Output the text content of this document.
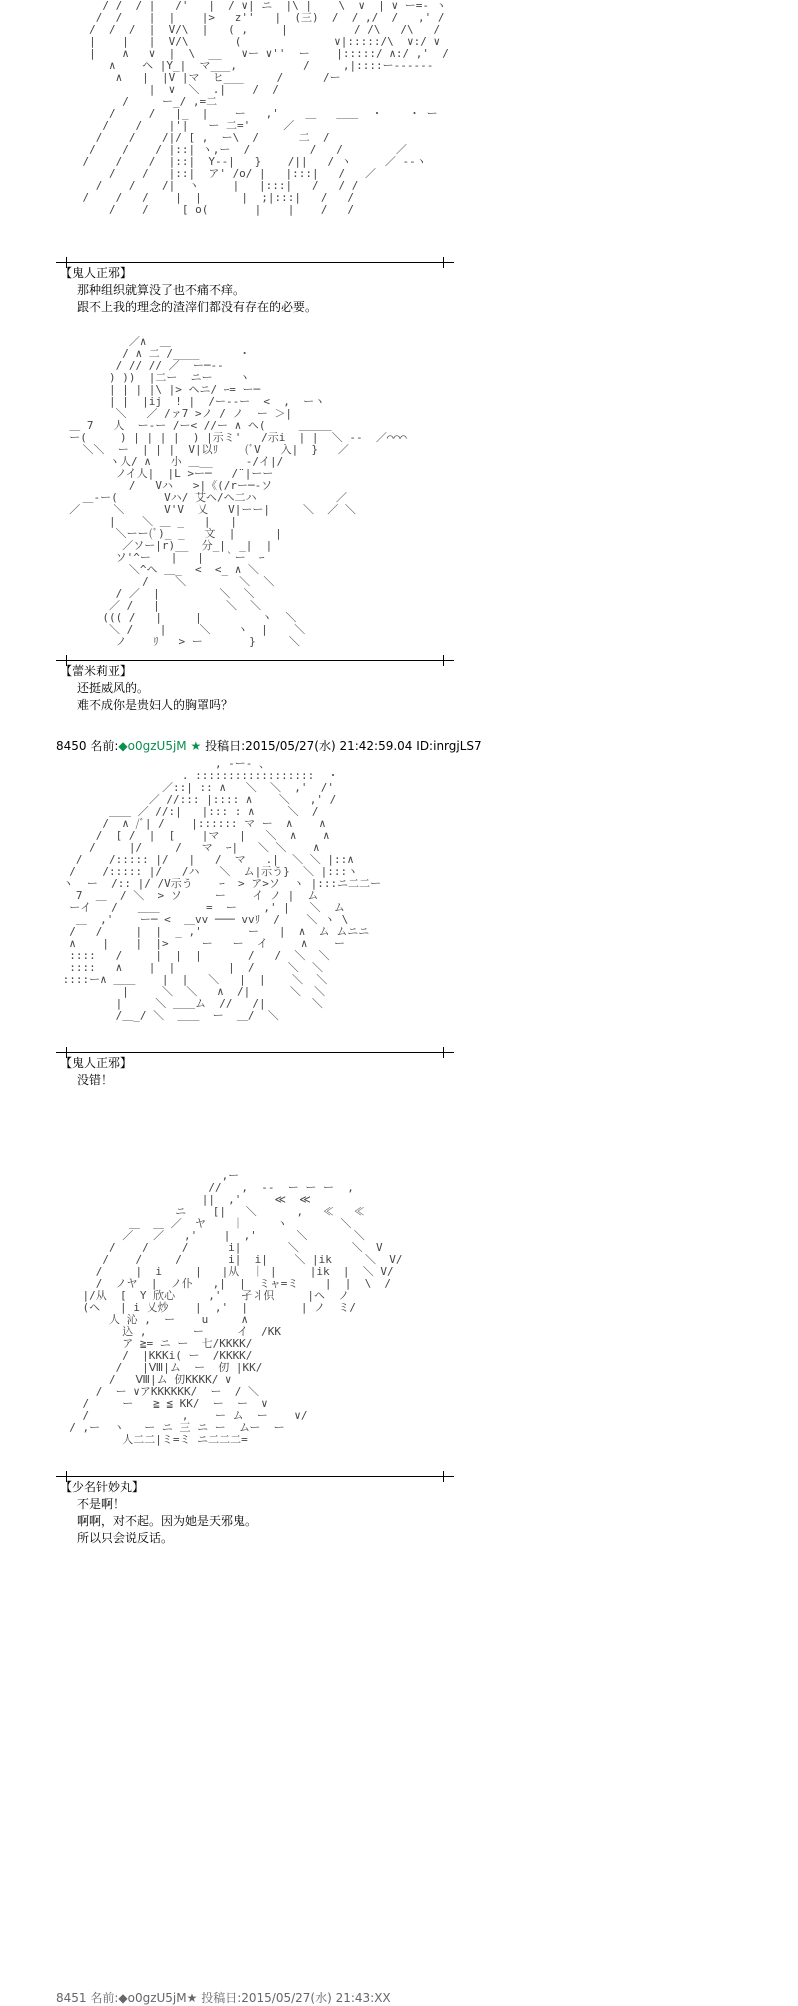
/ /  / |   /'   |  / ∨| ニ  |\ |    \  ∨  | ∨ ー=- ヽ
/  /    |  |    |>   z''   |  (三)  /  / ,/  /   ,' /
/  /  /  |  V/\  |   ( ,     |          / /\   /\   /
|    |   |  V/\       (              ∨|:::::/\  ∨:/ ∨
|    ∧   ∨  |  \  __   ∨ー ∨''  ー    |:::::/ ∧:/ ,'  /
∧    ヘ |Y_|  マ___,          /     ,|::::ー-‐‐‐‐‐
∧   |  |V |マ  ヒ___     /      /ー
|  ∨  ＼  .|    /  /
/     ー_/ ,=二
/     /   |_  |    ー   ,'    ＿   ＿＿  ・    ・ ー
/    /    |'|   ー 二='     ／
/    /    /|/ [ ,  ー\  /      二  /
/    /    / |::| ヽ,ー  /         /   /        ／
/    /    /  |::|  Y--|   }    /||   / ヽ     ／ ‐‐ヽ
/    /   |::|  ア' /o/ |   |:::|   /   ／
/    /    /|  ヽ     |   |:::|   /   / /
/    /   /    |  |      |  ;|:::|   /   /
/    /     [ o(       |    |    /   /
【鬼人正邪】
那种组织就算没了也不痛不痒。
跟不上我的理念的渣滓们都没有存在的必要。
／∧  ＿
/ ∧ 二 /____      ・
/ // // ／  ー─‐‐
) ))  |二ー  ニー    ヽ
| | | |\ |> ヘニ/ ｰ= ー─
| |  |ij  ! |  /ー-‐ー  <  ,  ーヽ
＼   ／ /ァ7 >ノ / ノ  ー ＞|
＿ 7   人  ー-ー /ー< //ー ∧ ヘ(     ＿＿＿
ー(     ) | | | |  ) |示ミ'   /示i  | |  ＼ -‐  ／⌒⌒⌒
＼＼  ー  | | |  V|以ﾘ    (ﾞV   入|  }   ／
ヽ人/ ∧   小 ＿__     -/イ|/
ノイ人|  |L >ー─   /¨|ーー
/   Vハ   >|《(/rー─-ソ
＿-ー(       Vハ/ 艾ヘ/ヘ二ハ            ／
／     ＼      V'V  乂   V|ーー|     ＼  ／ ＼
|    ＼ ＿ _   |   |
＼ーー(ﾞ)_ _   文  |      |
／ソー|r)__  分_|  _|  |
ソ'^ー   |   |   ｀ー  ｰ
＼^ヘ ＿_  <  <_ ∧ ＼
/    ＼        ＼  ＼
/ ／  |         ＼  ＼
／ /   |          ＼  ＼
((( /   |     |         ヽ  ＼
＼ /    |     ＼    ヽ  |    ＼
ノ    ﾘ   > ー       }     ＼
【蕾米莉亚】
还挺威风的。
难不成你是贵妇人的胸罩吗？
8450 名前:◆o0gzU5jM ★ 投稿日:2015/05/27(水) 21:42:59.04 ID:inrgjLS7
, -ー- 、
. ::::::::::::::::::  ・
／::| :: ∧   ＼  ＼  ,'  /'
／ //::: |:::: ∧    ＼   ,' /
＿＿ ／ //:|   |::: : ∧     ＼  /
/  ∧ /ﾞ| /    |:::::: マ ー  ∧    ∧
/  [ /  |  [    |マ   |   ＼  ∧    ∧
/     |/     /   マ  ｰ|   ＼ ＼    ∧
/    /::::: |/   |   /  マ   .|  ＼ ＼ |::∧
/    /::::: |/   /ハ   ＼  ム|示う}  ＼ |:::ヽ
ヽ  ー  /:: |/ /V示う    ｰ  > ア>ソ  ヽ |:::ニ二二ー
7  ＿  / ＼  > ソ     ー    イ ノ |  ム
ーイ   /   ＿＿       =  ー    ,' |   ＼  ム
＿  ,'    ー─ <  ＿vv ─── vvﾘ  /    ＼ ヽ \
/   /     |  |  _ ,'       ー   |  ∧  ム ムニニ
∧    |    |  |>     ー   ー  イ     ∧    ー
::::   /     |  |  |       /   /  ＼  ＼
::::   ∧    |  |        |  /     ＼  ＼
::::ー∧ ＿＿    |  |   ＼   |  |    ＼  ＼
|     ＼  ＼   ∧  /|      ＼  ＼
|     ＼ ＿＿ム  //   /|       ＼
/＿_/ ＼  ＿＿  ー  ＿/  ＼
【鬼人正邪】
没错！
,ー
//   ,  -‐  ー ー ー  ,
||  ,'     ≪  ≪
ニ    [|   ＼      ,   ≪   ≪
＿  ＿ ／  ヤ    ｜     ヽ        ＼
／   ／   ,'    |  ,'      ＼       ＼
/    /     /      i|       ＼        ＼  V
/    /     /       i|  i|    ＼ |ik     ＼  V/
/     |  i     |   |从  ｜ |     |ik  |  ＼ V/
/  ノヤ  |  ノ仆   ,|  |  ミャ=ミ    |  |  \  /
|/从  [  Y 欣心     ,'   孑丬伿     |ヘ  ノ
(ヘ   | i 乂炒    |  ,'  |        | ノ  ミ/
人 沁 ,  ー    u     ∧
込 ,       ー     イ  /KK
ア ≧= ニ ー  七/KKKK/
/  |KKKi( ー  /KKKK/
/   |Ⅷ|ム  ー  仞 |KK/
/   Ⅷ|ム 仞KKKK/ ∨
/  ー ∨アKKKKKK/  ー  / ＼
/     ー   ≧ ≦ KK/  ー  ー  ∨
/              ,    ー ム  ー    ∨/
/ ,ー  ヽ   ー ニ 三 ニ ー  ムー  ー
人二二|ミ=ミ ニ二二二=
【少名针妙丸】
不是啊！
啊啊，对不起。因为她是天邪鬼。
所以只会说反话。
8451 名前:◆o0gzU5jM★ 投稿日:2015/05/27(水) 21:43:XX
